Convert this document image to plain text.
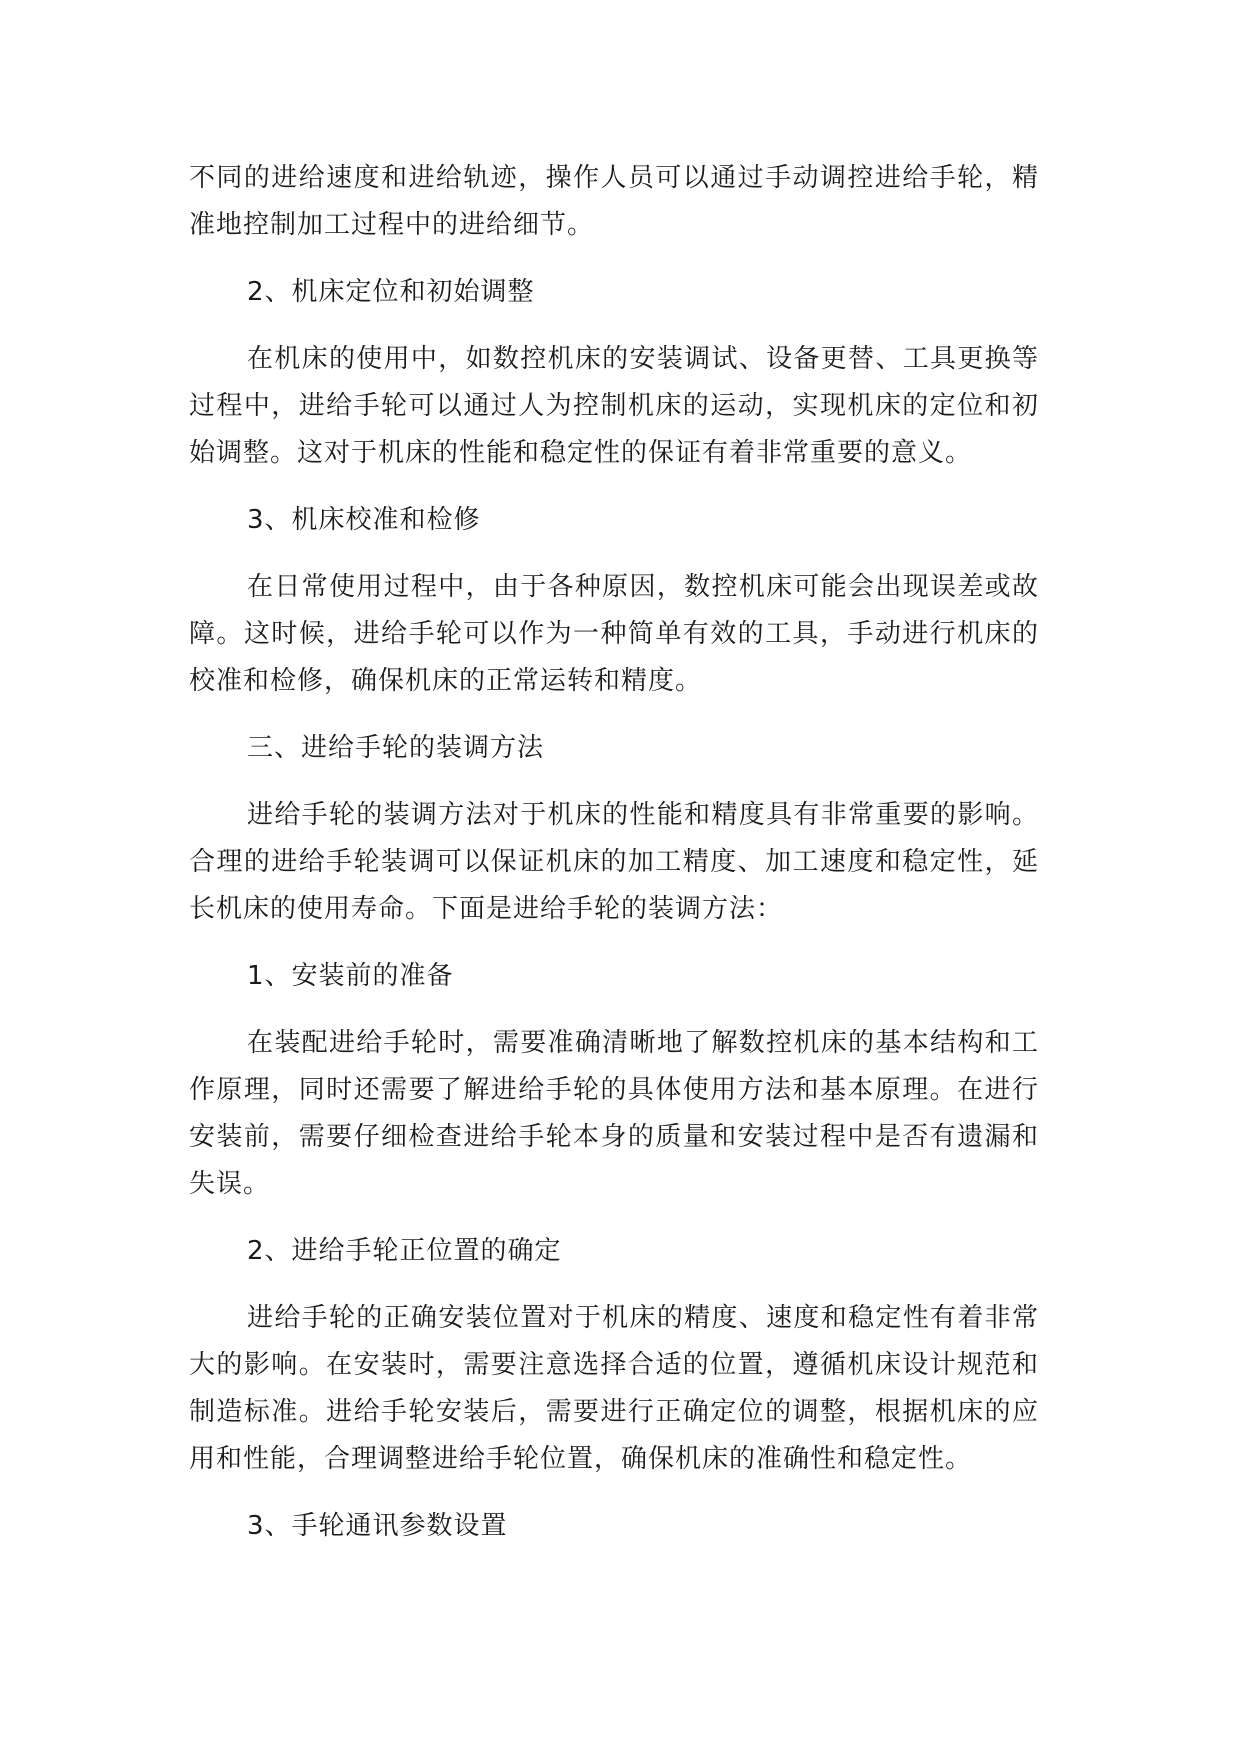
不同的进给速度和进给轨迹，操作人员可以通过手动调控进给手轮，精准地控制加工过程中的进给细节。

2、机床定位和初始调整

在机床的使用中，如数控机床的安装调试、设备更替、工具更换等过程中，进给手轮可以通过人为控制机床的运动，实现机床的定位和初始调整。这对于机床的性能和稳定性的保证有着非常重要的意义。

3、机床校准和检修

在日常使用过程中，由于各种原因，数控机床可能会出现误差或故障。这时候，进给手轮可以作为一种简单有效的工具，手动进行机床的校准和检修，确保机床的正常运转和精度。

三、进给手轮的装调方法

进给手轮的装调方法对于机床的性能和精度具有非常重要的影响。合理的进给手轮装调可以保证机床的加工精度、加工速度和稳定性，延长机床的使用寿命。下面是进给手轮的装调方法：

1、安装前的准备

在装配进给手轮时，需要准确清晰地了解数控机床的基本结构和工作原理，同时还需要了解进给手轮的具体使用方法和基本原理。在进行安装前，需要仔细检查进给手轮本身的质量和安装过程中是否有遗漏和失误。

2、进给手轮正位置的确定

进给手轮的正确安装位置对于机床的精度、速度和稳定性有着非常大的影响。在安装时，需要注意选择合适的位置，遵循机床设计规范和制造标准。进给手轮安装后，需要进行正确定位的调整，根据机床的应用和性能，合理调整进给手轮位置，确保机床的准确性和稳定性。

3、手轮通讯参数设置
